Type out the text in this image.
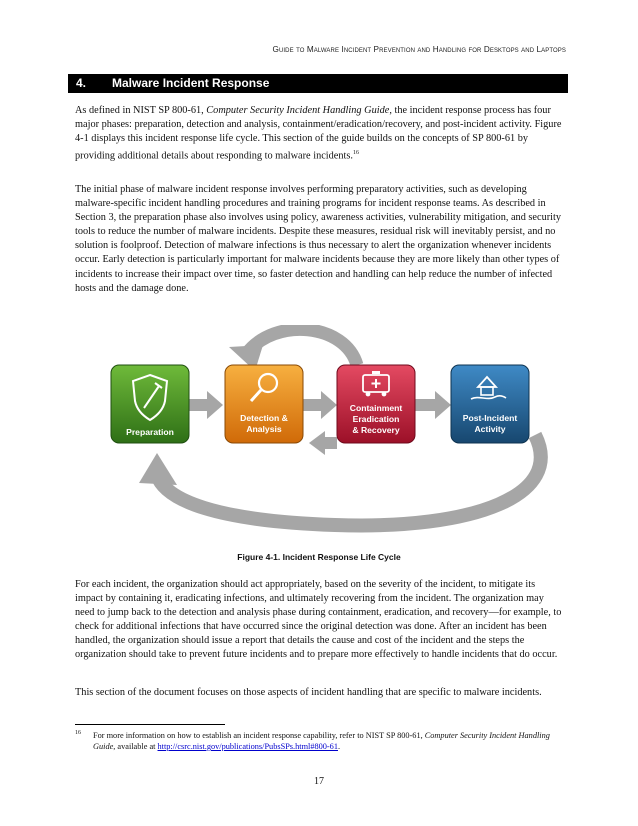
Guide to Malware Incident Prevention and Handling for Desktops and Laptops
4. Malware Incident Response

As defined in NIST SP 800-61, Computer Security Incident Handling Guide, the incident response process has four major phases: preparation, detection and analysis, containment/eradication/recovery, and post-incident activity. Figure 4-1 displays this incident response life cycle. This section of the guide builds on the concepts of SP 800-61 by providing additional details about responding to malware incidents.$^{16}$

The initial phase of malware incident response involves performing preparatory activities, such as developing malware-specific incident handling procedures and training programs for incident response teams. As described in Section 3, the preparation phase also involves using policy, awareness activities, vulnerability mitigation, and security tools to reduce the number of malware incidents. Despite these measures, residual risk will inevitably persist, and no solution is foolproof. Detection of malware infections is thus necessary to alert the organization whenever incidents occur. Early detection is particularly important for malware incidents because they are more likely than other types of incidents to increase their impact over time, so faster detection and handling can help reduce the number of infected hosts and the damage done.

Preparation
Detection &
Analysis
Containment
Eradication
& Recovery
Post-Incident
Activity
Figure 4-1. Incident Response Life Cycle

For each incident, the organization should act appropriately, based on the severity of the incident, to mitigate its impact by containing it, eradicating infections, and ultimately recovering from the incident. The organization may need to jump back to the detection and analysis phase during containment, eradication, and recovery—for example, to check for additional infections that have occurred since the original detection was done. After an incident has been handled, the organization should issue a report that details the cause and cost of the incident and the steps the organization should take to prevent future incidents and to prepare more effectively to handle incidents that do occur.

This section of the document focuses on those aspects of incident handling that are specific to malware incidents.

16 For more information on how to establish an incident response capability, refer to NIST SP 800-61, Computer Security Incident Handling Guide, available at http://csrc.nist.gov/publications/PubsSPs.html#800-61.
17
